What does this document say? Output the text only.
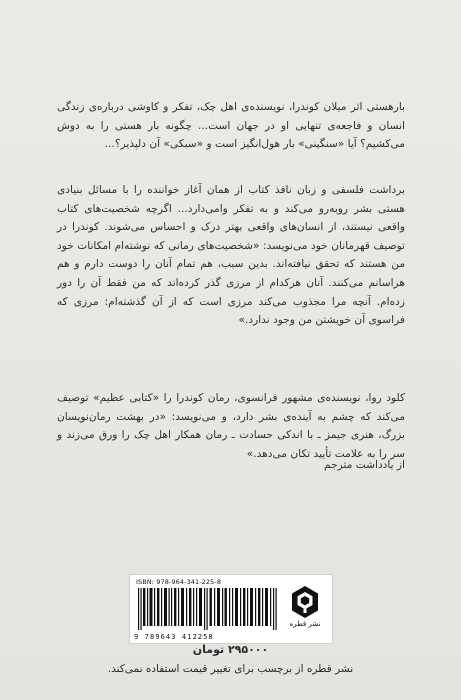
بارهستی اثر میلان کوندرا، نویسنده‌ی اهل چک، تفکر و کاوشی درباره‌ی زندگی انسان و فاجعه‌ی تنهایی او در جهان است... چگونه بار هستی را به دوش می‌کشیم؟ آیا «سنگینی» بار هول‌انگیز است و «سبکی» آن دلپذیر؟...

برداشت فلسفی و زبان نافذ کتاب از همان آغاز خواننده را با مسائل بنیادی هستی بشر روبه‌رو می‌کند و به تفکر وامی‌دارد... اگرچه شخصیت‌های کتاب واقعی نیستند، از انسان‌های واقعی بهتر درک و احساس می‌شوند. کوندرا در توصیف قهرمانان خود می‌نویسد: «شخصیت‌های رمانی که نوشته‌ام امکانات خود من هستند که تحقق نیافته‌اند. بدین سبب، هم تمام آنان را دوست دارم و هم هراسانم می‌کنند. آنان هرکدام از مرزی گذر کرده‌اند که من فقط آن را دور زده‌ام. آنچه مرا مجذوب می‌کند مرزی است که از آن گذشته‌ام: مرزی که فراسوی آن خویشتن من وجود ندارد.»

کلود روا، نویسنده‌ی مشهور فرانسوی، رمان کوندرا را «کتابی عظیم» توصیف می‌کند که چشم به آینده‌ی بشر دارد، و می‌نویسد: «در بهشت رمان‌نویسان بزرگ، هنری جیمز ـ با اندکی حسادت ـ رمان همکار اهل چک را ورق می‌زند و سر را به علامت تأیید تکان می‌دهد.»

از یادداشت مترجم
ISBN: 978-964-341-225-8
9 789643 412258
نشر قطره
۲۹۵۰۰۰ تومان
نشر قطره از برچسب برای تغییر قیمت استفاده نمی‌کند.
